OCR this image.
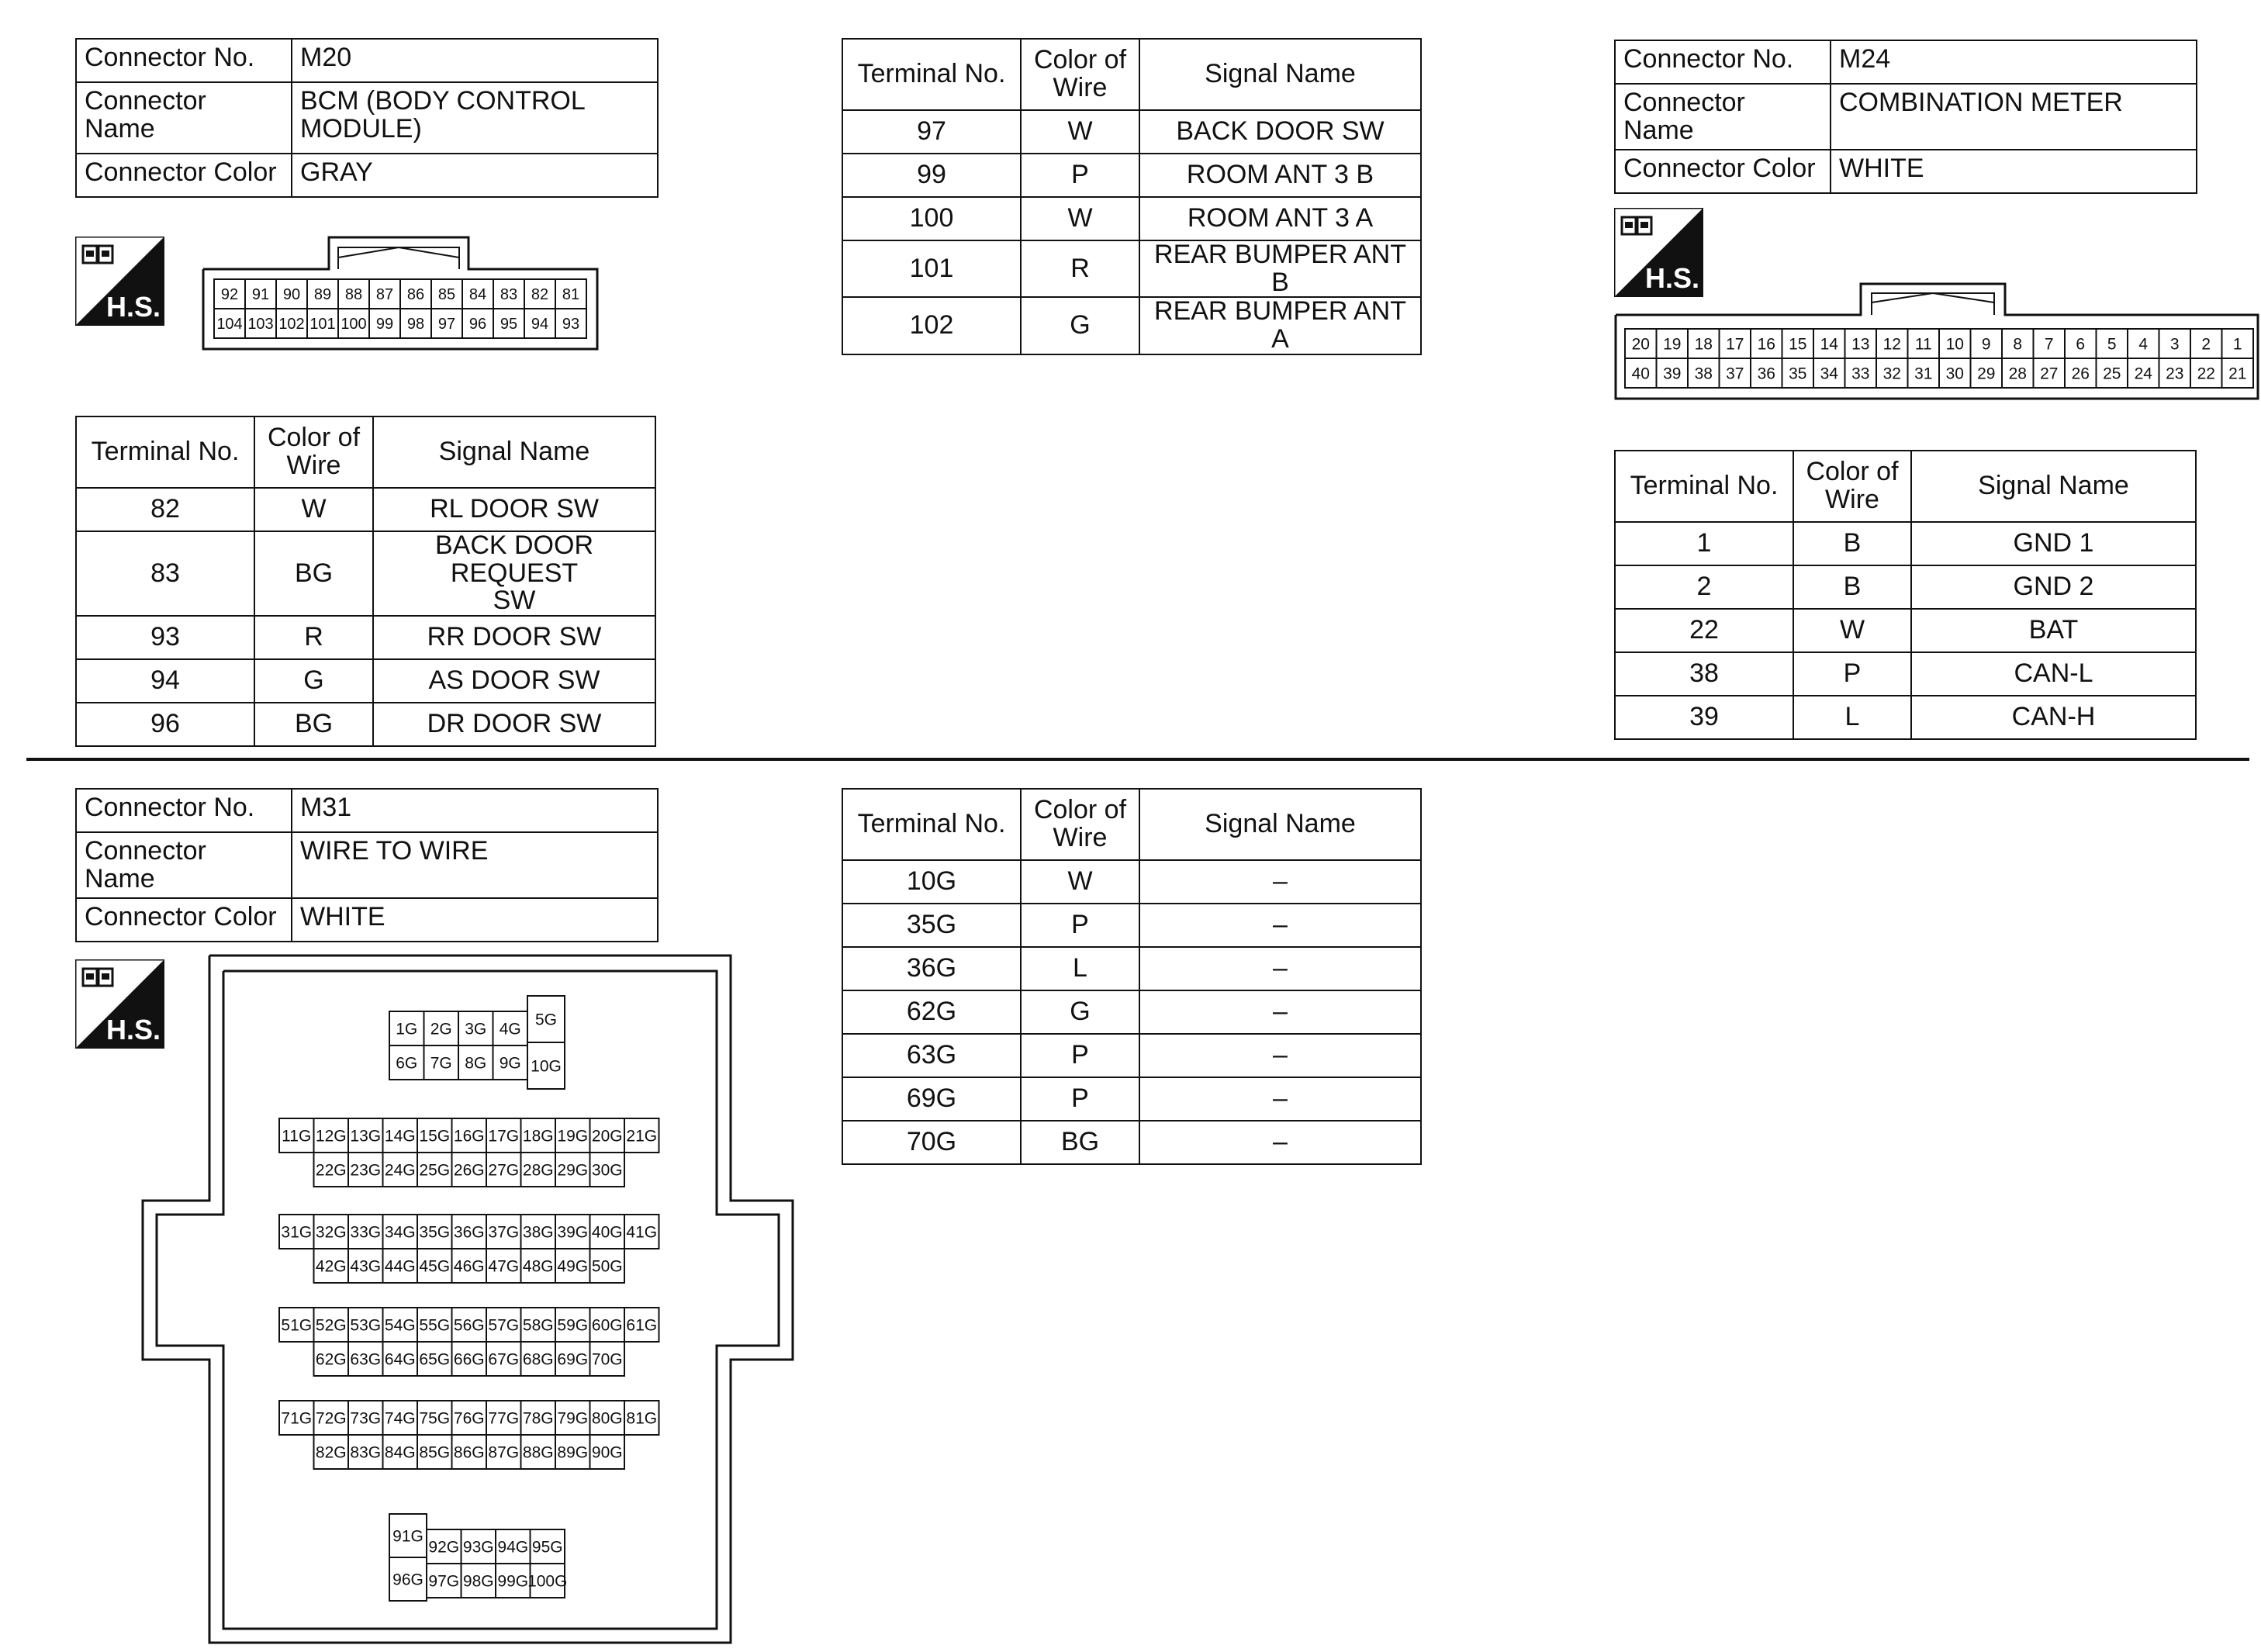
Connector No.	M20
Connector Name	BCM (BODY CONTROL MODULE)
Connector Color	GRAY
H.S.	92 91 90 89 88 87 86 85 84 83 82 81
104 103 102 101 100 99 98 97 96 95 94 93
Terminal No.	Color of Wire	Signal Name
82	W	RL DOOR SW
83	BG	BACK DOOR REQUEST SW
93	R	RR DOOR SW
94	G	AS DOOR SW
96	BG	DR DOOR SW
Terminal No.	Color of Wire	Signal Name
97	W	BACK DOOR SW
99	P	ROOM ANT 3 B
100	W	ROOM ANT 3 A
101	R	REAR BUMPER ANT B
102	G	REAR BUMPER ANT A
Connector No.	M24
Connector Name	COMBINATION METER
Connector Color	WHITE
H.S.
20 19 18 17 16 15 14 13 12 11 10 9 8 7 6 5 4 3 2 1
40 39 38 37 36 35 34 33 32 31 30 29 28 27 26 25 24 23 22 21
Terminal No.	Color of Wire	Signal Name
1	B	GND 1
2	B	GND 2
22	W	BAT
38	P	CAN-L
39	L	CAN-H
Connector No.	M31
Connector Name	WIRE TO WIRE
Connector Color	WHITE
H.S.	1G 2G 3G 4G
6G 7G 8G 9G
5G
10G
11G 12G 13G 14G 15G 16G 17G 18G 19G 20G 21G
22G 23G 24G 25G 26G 27G 28G 29G 30G
31G 32G 33G 34G 35G 36G 37G 38G 39G 40G 41G
42G 43G 44G 45G 46G 47G 48G 49G 50G
51G 52G 53G 54G 55G 56G 57G 58G 59G 60G 61G
62G 63G 64G 65G 66G 67G 68G 69G 70G
71G 72G 73G 74G 75G 76G 77G 78G 79G 80G 81G
82G 83G 84G 85G 86G 87G 88G 89G 90G
91G
96G
92G 93G 94G 95G
97G 98G 99G
100G
Terminal No.	Color of Wire	Signal Name
10G	W	–
35G	P	–
36G	L	–
62G	G	–
63G	P	–
69G	P	–
70G	BG	–
